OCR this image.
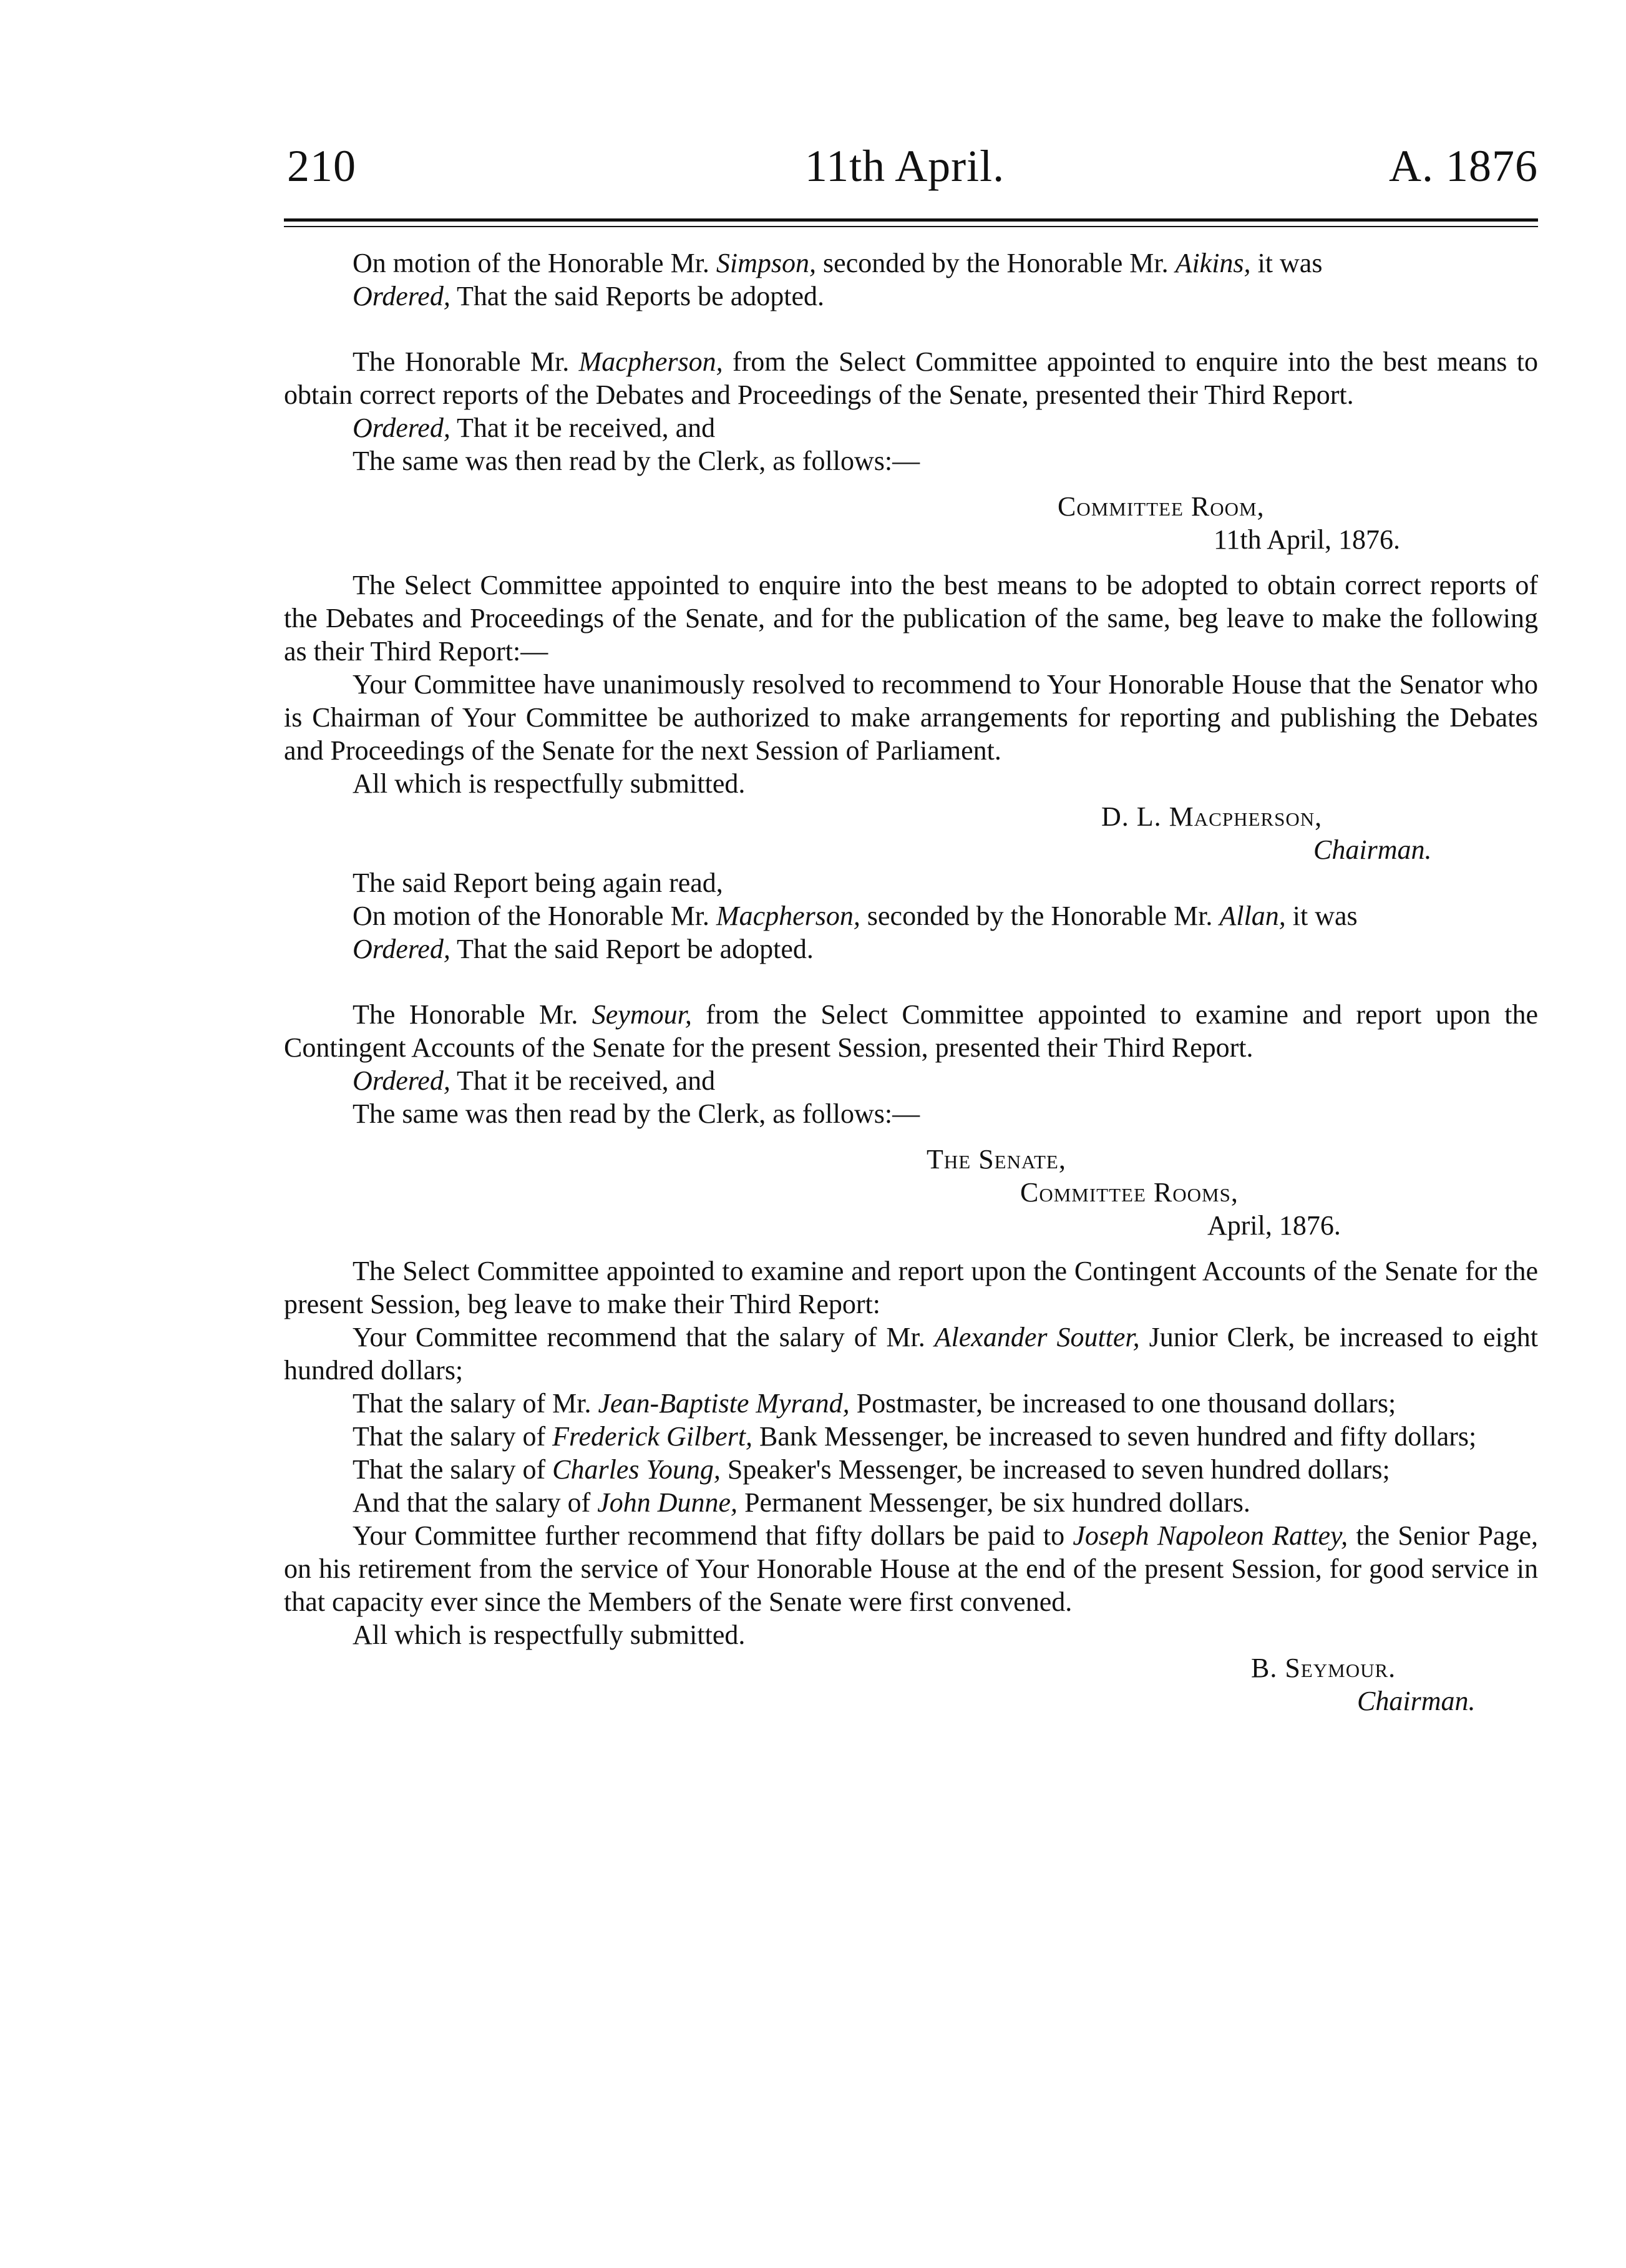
210	11th April.	A. 1876

On motion of the Honorable Mr. Simpson, seconded by the Honorable Mr. Aikins, it was

Ordered, That the said Reports be adopted.

The Honorable Mr. Macpherson, from the Select Committee appointed to enquire into the best means to obtain correct reports of the Debates and Proceedings of the Senate, presented their Third Report.

Ordered, That it be received, and

The same was then read by the Clerk, as follows:—

Committee Room,

11th April, 1876.

The Select Committee appointed to enquire into the best means to be adopted to obtain correct reports of the Debates and Proceedings of the Senate, and for the publication of the same, beg leave to make the following as their Third Report:—

Your Committee have unanimously resolved to recommend to Your Honorable House that the Senator who is Chairman of Your Committee be authorized to make arrangements for reporting and publishing the Debates and Proceedings of the Senate for the next Session of Parliament.

All which is respectfully submitted.

D. L. Macpherson,

Chairman.

The said Report being again read,

On motion of the Honorable Mr. Macpherson, seconded by the Honorable Mr. Allan, it was

Ordered, That the said Report be adopted.

The Honorable Mr. Seymour, from the Select Committee appointed to examine and report upon the Contingent Accounts of the Senate for the present Session, presented their Third Report.

Ordered, That it be received, and

The same was then read by the Clerk, as follows:—

The Senate,

Committee Rooms,

April, 1876.

The Select Committee appointed to examine and report upon the Contingent Accounts of the Senate for the present Session, beg leave to make their Third Report:

Your Committee recommend that the salary of Mr. Alexander Soutter, Junior Clerk, be increased to eight hundred dollars;

That the salary of Mr. Jean-Baptiste Myrand, Postmaster, be increased to one thousand dollars;

That the salary of Frederick Gilbert, Bank Messenger, be increased to seven hundred and fifty dollars;

That the salary of Charles Young, Speaker's Messenger, be increased to seven hundred dollars;

And that the salary of John Dunne, Permanent Messenger, be six hundred dollars.

Your Committee further recommend that fifty dollars be paid to Joseph Napoleon Rattey, the Senior Page, on his retirement from the service of Your Honorable House at the end of the present Session, for good service in that capacity ever since the Members of the Senate were first convened.

All which is respectfully submitted.

B. Seymour.

Chairman.
